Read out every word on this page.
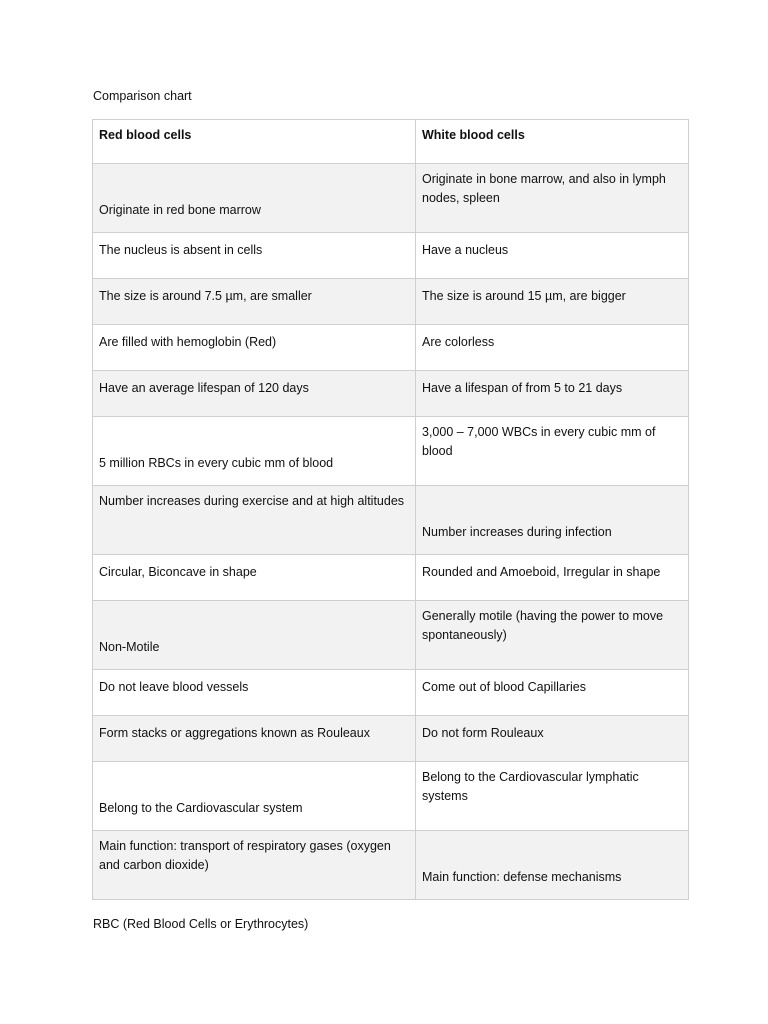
Comparison chart
Red blood cells	White blood cells
Originate in red bone marrow	Originate in bone marrow, and also in lymph nodes, spleen
The nucleus is absent in cells	Have a nucleus
The size is around 7.5 µm, are smaller	The size is around 15 µm, are bigger
Are filled with hemoglobin (Red)	Are colorless
Have an average lifespan of 120 days	Have a lifespan of from 5 to 21 days
5 million RBCs in every cubic mm of blood	3,000 – 7,000 WBCs in every cubic mm of blood
Number increases during exercise and at high altitudes	Number increases during infection
Circular, Biconcave in shape	Rounded and Amoeboid, Irregular in shape
Non-Motile	Generally motile (having the power to move spontaneously)
Do not leave blood vessels	Come out of blood Capillaries
Form stacks or aggregations known as Rouleaux	Do not form Rouleaux
Belong to the Cardiovascular system	Belong to the Cardiovascular lymphatic systems
Main function: transport of respiratory gases (oxygen and carbon dioxide)	Main function: defense mechanisms
RBC (Red Blood Cells or Erythrocytes)
